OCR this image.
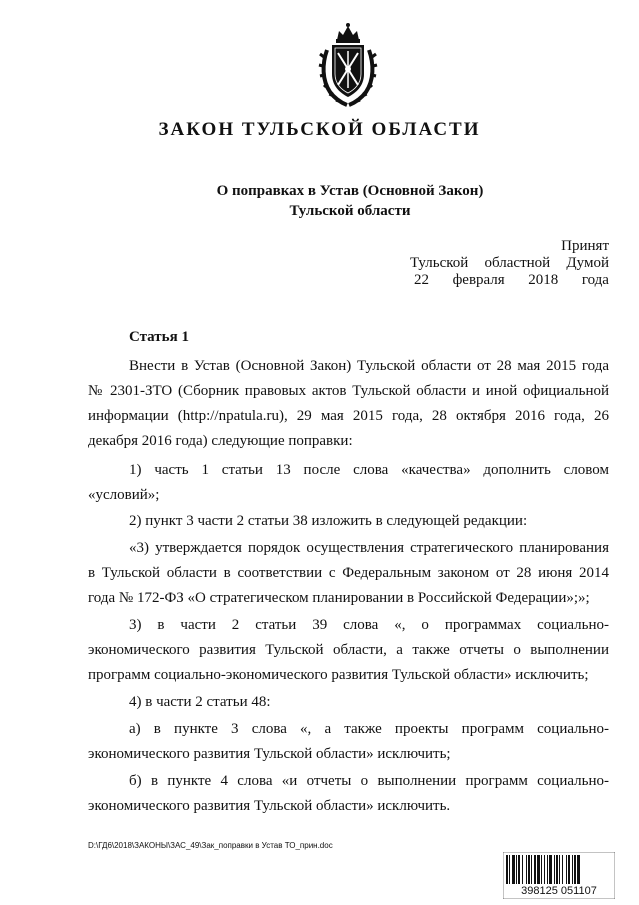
ЗАКОН ТУЛЬСКОЙ ОБЛАСТИ
О поправках в Устав (Основной Закон)
Тульской области
Принят
Тульской областной Думой
22 февраля 2018 года
Статья 1
Внести в Устав (Основной Закон) Тульской области от 28 мая 2015 года
№ 2301-ЗТО (Сборник правовых актов Тульской области и иной официальной
информации (http://npatula.ru), 29 мая 2015 года, 28 октября 2016 года, 26
декабря 2016 года) следующие поправки:
1) часть 1 статьи 13 после слова «качества» дополнить словом
«условий»;
2) пункт 3 части 2 статьи 38 изложить в следующей редакции:
«3) утверждается порядок осуществления стратегического планирования
в Тульской области в соответствии с Федеральным законом от 28 июня 2014
года № 172-ФЗ «О стратегическом планировании в Российской Федерации»;»;
3) в части 2 статьи 39 слова «, о программах социально-
экономического развития Тульской области, а также отчеты о выполнении
программ социально-экономического развития Тульской области» исключить;
4) в части 2 статьи 48:
а) в пункте 3 слова «, а также проекты программ социально-
экономического развития Тульской области» исключить;
б) в пункте 4 слова «и отчеты о выполнении программ социально-
экономического развития Тульской области» исключить.
D:\ГД6\2018\ЗАКОНЫ\ЗАС_49\Зак_поправки в Устав ТО_прин.doc
398125 051107
